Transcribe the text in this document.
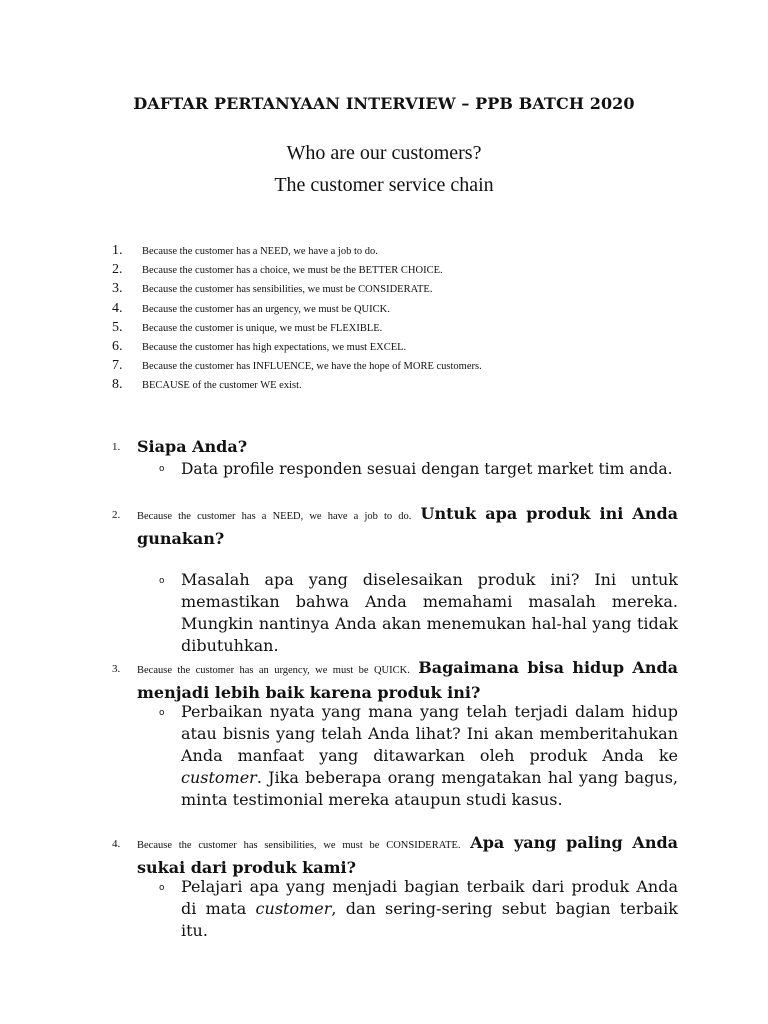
DAFTAR PERTANYAAN INTERVIEW – PPB BATCH 2020
Who are our customers?
The customer service chain
1. Because the customer has a NEED, we have a job to do.
2. Because the customer has a choice, we must be the BETTER CHOICE.
3. Because the customer has sensibilities, we must be CONSIDERATE.
4. Because the customer has an urgency, we must be QUICK.
5. Because the customer is unique, we must be FLEXIBLE.
6. Because the customer has high expectations, we must EXCEL.
7. Because the customer has INFLUENCE, we have the hope of MORE customers.
8. BECAUSE of the customer WE exist.
1. Siapa Anda?
o Data profile responden sesuai dengan target market tim anda.
2. Because the customer has a NEED, we have a job to do. Untuk apa produk ini Anda gunakan?
o Masalah apa yang diselesaikan produk ini? Ini untuk memastikan bahwa Anda memahami masalah mereka. Mungkin nantinya Anda akan menemukan hal-hal yang tidak dibutuhkan.
3. Because the customer has an urgency, we must be QUICK. Bagaimana bisa hidup Anda menjadi lebih baik karena produk ini?
o Perbaikan nyata yang mana yang telah terjadi dalam hidup atau bisnis yang telah Anda lihat? Ini akan memberitahukan Anda manfaat yang ditawarkan oleh produk Anda ke customer. Jika beberapa orang mengatakan hal yang bagus, minta testimonial mereka ataupun studi kasus.
4. Because the customer has sensibilities, we must be CONSIDERATE. Apa yang paling Anda sukai dari produk kami?
o Pelajari apa yang menjadi bagian terbaik dari produk Anda di mata customer, dan sering-sering sebut bagian terbaik itu.
